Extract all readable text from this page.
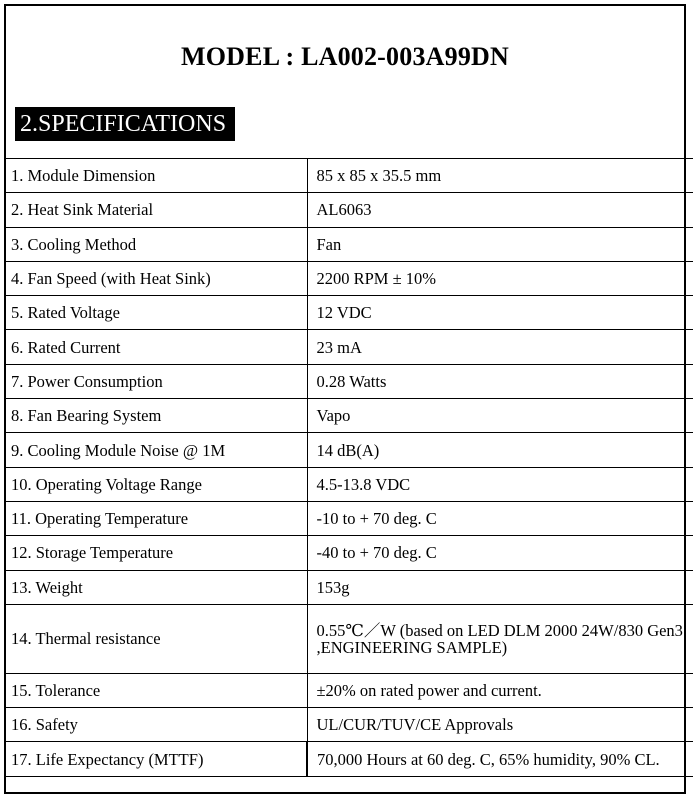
MODEL : LA002-003A99DN
2.SPECIFICATIONS
1. Module Dimension	85 x 85 x 35.5 mm
2. Heat Sink Material	AL6063
3. Cooling Method	Fan
4. Fan Speed (with Heat Sink)	2200 RPM ± 10%
5. Rated Voltage	12 VDC
6. Rated Current	23 mA
7. Power Consumption	0.28 Watts
8. Fan Bearing System	Vapo
9. Cooling Module Noise @ 1M	14 dB(A)
10. Operating Voltage Range	4.5-13.8 VDC
11. Operating Temperature	-10 to + 70 deg. C
12. Storage Temperature	-40 to + 70 deg. C
13. Weight	153g
14. Thermal resistance	0.55℃／W (based on LED DLM 2000 24W/830 Gen3 ,ENGINEERING SAMPLE)
15. Tolerance	±20% on rated power and current.
16. Safety	UL/CUR/TUV/CE Approvals
17. Life Expectancy (MTTF)	70,000 Hours at 60 deg. C, 65% humidity, 90% CL.
